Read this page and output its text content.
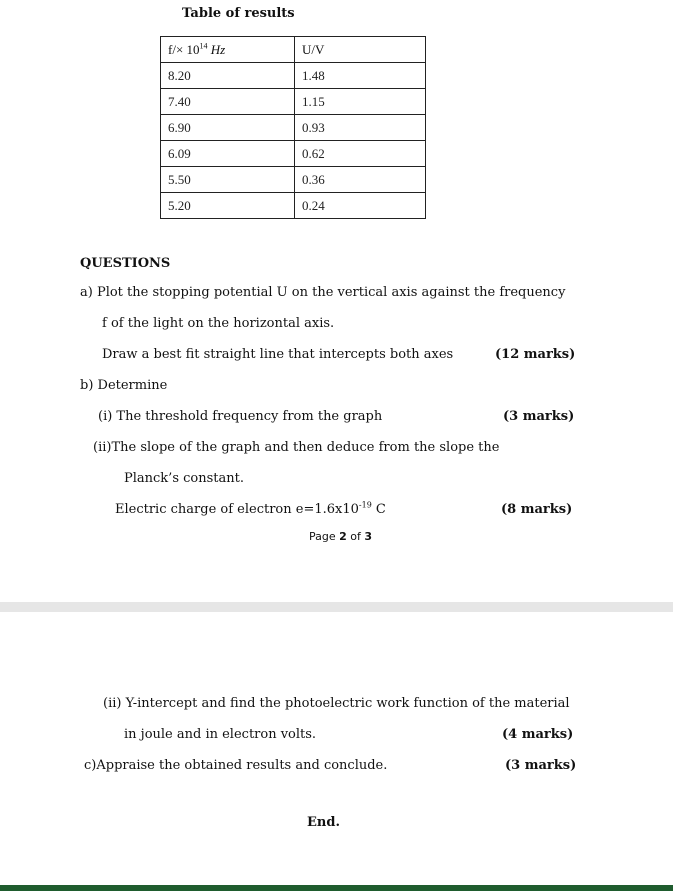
Table of results
$f/\times 10^{14}$ Hz	U/V
8.20	1.48
7.40	1.15
6.90	0.93
6.09	0.62
5.50	0.36
5.20	0.24
QUESTIONS
a) Plot the stopping potential U on the vertical axis against the frequency
f of the light on the horizontal axis.
Draw a best fit straight line that intercepts both axes	(12 marks)
b) Determine
(i) The threshold frequency from the graph	(3 marks)
(ii)The slope of the graph and then deduce from the slope the
Planck’s constant.
Electric charge of electron $e=1.6x10^{-19}$ C	(8 marks)
Page 2 of 3
(ii) Y-intercept and find the photoelectric work function of the material
in joule and in electron volts.	(4 marks)
c)Appraise the obtained results and conclude.	(3 marks)
End.
